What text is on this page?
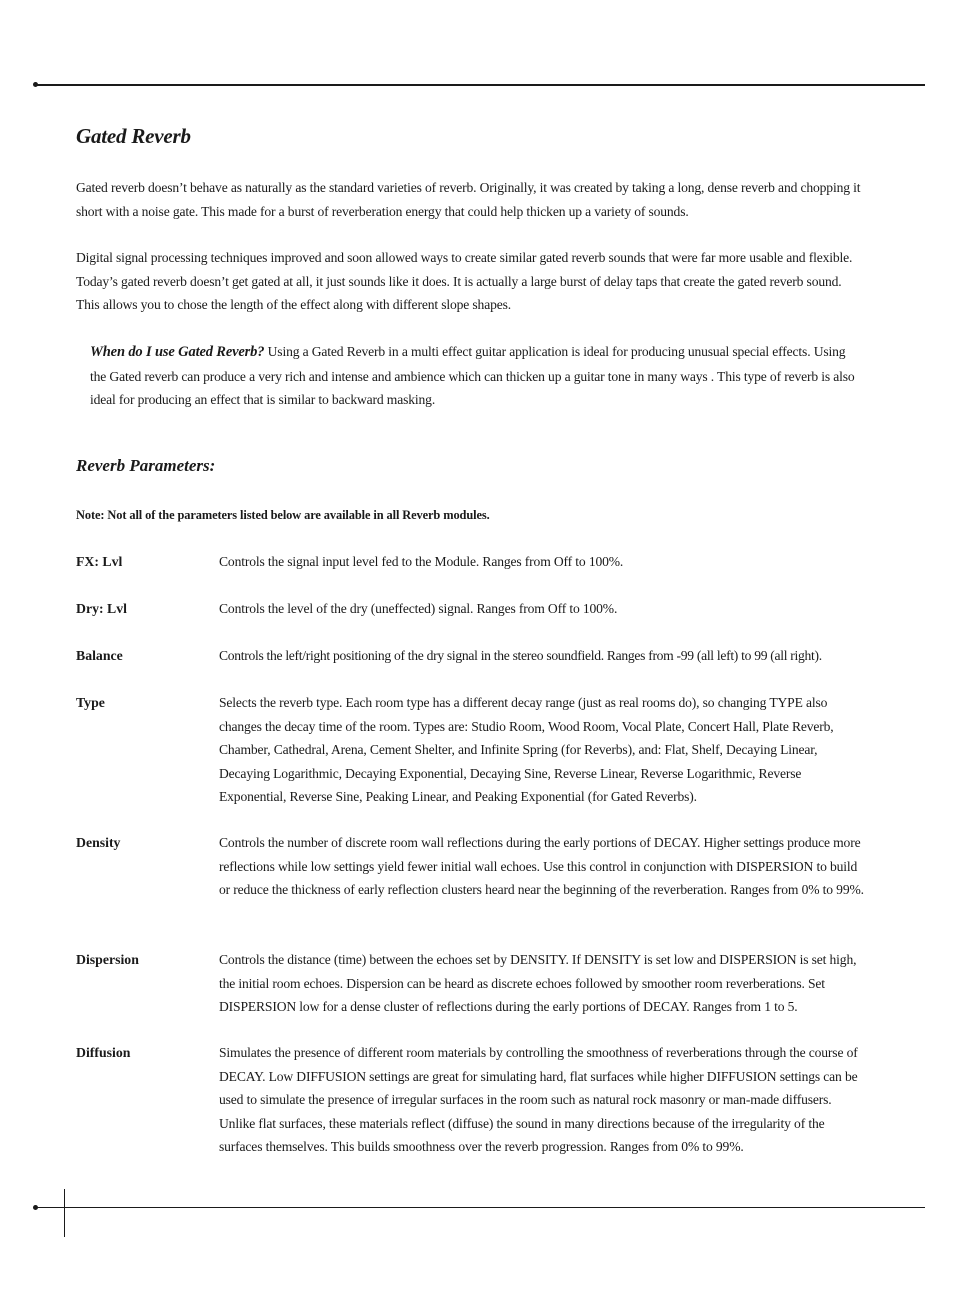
Gated Reverb

Gated reverb doesn’t behave as naturally as the standard varieties of reverb. Originally, it was created by taking a long, dense reverb and chopping it short with a noise gate. This made for a burst of reverberation energy that could help thicken up a variety of sounds.

Digital signal processing techniques improved and soon allowed ways to create similar gated reverb sounds that were far more usable and flexible. Today’s gated reverb doesn’t get gated at all, it just sounds like it does. It is actually a large burst of delay taps that create the gated reverb sound. This allows you to chose the length of the effect along with different slope shapes.

When do I use Gated Reverb? Using a Gated Reverb in a multi effect guitar application is ideal for producing unusual special effects. Using the Gated reverb can produce a very rich and intense and ambience which can thicken up a guitar tone in many ways . This type of reverb is also ideal for producing an effect that is similar to backward masking.

Reverb Parameters:

Note: Not all of the parameters listed below are available in all Reverb modules.

FX: Lvl	Controls the signal input level fed to the Module. Ranges from Off to 100%.

Dry: Lvl	Controls the level of the dry (uneffected) signal. Ranges from Off to 100%.

Balance	Controls the left/right positioning of the dry signal in the stereo soundfield. Ranges from -99 (all left) to 99 (all right).

Type	Selects the reverb type. Each room type has a different decay range (just as real rooms do), so changing TYPE also changes the decay time of the room. Types are: Studio Room, Wood Room, Vocal Plate, Concert Hall, Plate Reverb, Chamber, Cathedral, Arena, Cement Shelter, and Infinite Spring (for Reverbs), and: Flat, Shelf, Decaying Linear, Decaying Logarithmic, Decaying Exponential, Decaying Sine, Reverse Linear, Reverse Logarithmic, Reverse Exponential, Reverse Sine, Peaking Linear, and Peaking Exponential (for Gated Reverbs).

Density	Controls the number of discrete room wall reflections during the early portions of DECAY. Higher settings produce more reflections while low settings yield fewer initial wall echoes. Use this control in conjunction with DISPERSION to build or reduce the thickness of early reflection clusters heard near the beginning of the reverberation. Ranges from 0% to 99%.

Dispersion	Controls the distance (time) between the echoes set by DENSITY. If DENSITY is set low and DISPERSION is set high, the initial room echoes. Dispersion can be heard as discrete echoes followed by smoother room reverberations. Set DISPERSION low for a dense cluster of reflections during the early portions of DECAY. Ranges from 1 to 5.

Diffusion	Simulates the presence of different room materials by controlling the smoothness of reverberations through the course of DECAY. Low DIFFUSION settings are great for simulating hard, flat surfaces while higher DIFFUSION settings can be used to simulate the presence of irregular surfaces in the room such as natural rock masonry or man-made diffusers. Unlike flat surfaces, these materials reflect (diffuse) the sound in many directions because of the irregularity of the surfaces themselves. This builds smoothness over the reverb progression. Ranges from 0% to 99%.
